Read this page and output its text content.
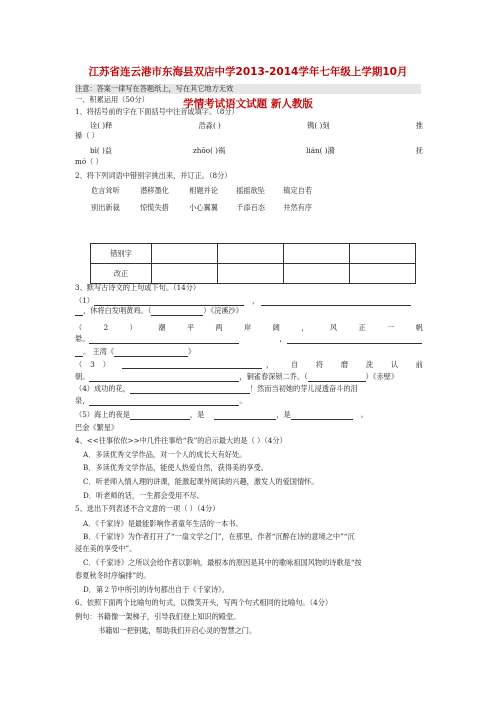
江苏省连云港市东海县双店中学2013-2014学年七年级上学期10月
学情考试语文试题 新人教版
注意：答案一律写在答题纸上，写在其它地方无效
一、积累运用（50分）
1、将括号前的字在下面括号中注音或填字。（8分）
诠( )释	浩淼( )	镌( )刻	推
搡（ ）
bì( )益	zhōo( )祸	lián( )漪	抚
mó（ ）
2、将下列词语中错别字挑出来，并订正。（8分）
危言耸听	潜移墨化	相题并论	摇摇欲坠	镇定自若
别出新裁	惊慌失措	小心翼翼	千添百态	井然有序
错别字				
改正				
3、默写古诗文的上句或下句。（14分）
（1）	，
，休将白发唱黄鸡。（	）《浣溪沙》
（	2	）	潮	平	两	岸	阔	，	风	正	一	帆
悬。	，
。 王湾《	》
（ 3 ）	， 自 将 磨 洗 认 前
朝。	，铜雀春深锁二乔。（	）《赤壁》
（4）成功的花，	！然而当初她的芽儿浸透奋斗的泪
泉，	。
（5）海上的夜是	，是	，是	。
巴金《繁星》
4、<<往事依依>>中几件往事给“我”的启示最大的是（ ）（4分）
A．多读优秀文学作品，对一个人的成长大有好处。
B．多读优秀文学作品，能使人热爱自然，获得美的享受。
C．听老师入情入理的讲课，能激起课外阅读的兴趣，激发人的爱国情怀。
D．听老师的话，一生都会受用不尽。
5、选出下列表述不合文意的一项（ ）（4分）
A．《千家诗》是最能影响作者童年生活的一本书。
B．《千家诗》为作者打开了“一扇文学之门”，在那里，作者“沉醉在诗的意境之中”“沉
浸在美的享受中”。
C．《千家诗》之所以会给作者以影响，最根本的原因是其中的歌咏祖国风物的诗歌是“按
春夏秋冬时序编排”的。
D．第２节中所引的诗句都出自于《千家诗》。
6、依照下面两个比喻句的句式，以微笑开头，写两个句式相同的比喻句。（4分）
例句：书籍像一架梯子，引导我们登上知识的殿堂。
书籍如一把钥匙，帮助我们开启心灵的智慧之门。
